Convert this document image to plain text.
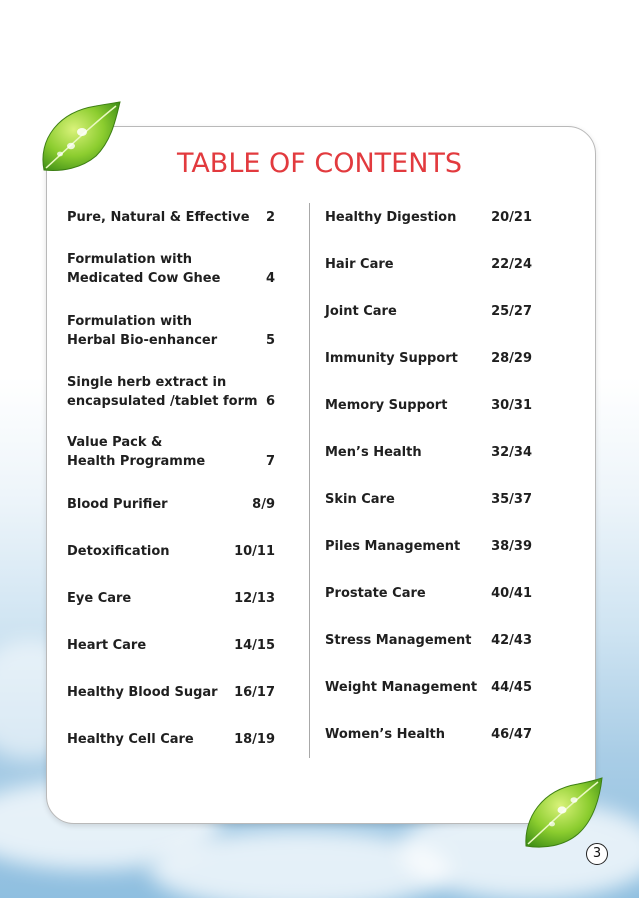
TABLE OF CONTENTS
Pure, Natural & Effective 2
Formulation with
Medicated Cow Ghee	4
Formulation with
Herbal Bio-enhancer	5
Single herb extract in
encapsulated /tablet form 6
Value Pack &
Health Programme	7
Blood Purifier	8/9
Detoxification	10/11
Eye Care	12/13
Heart Care	14/15
Healthy Blood Sugar 16/17
Healthy Cell Care	18/19
Healthy Digestion	20/21
Hair Care	22/24
Joint Care	25/27
Immunity Support	28/29
Memory Support	30/31
Men’s Health	32/34
Skin Care	35/37
Piles Management 38/39
Prostate Care	40/41
Stress Management 42/43
Weight Management 44/45
Women’s Health	46/47
3
